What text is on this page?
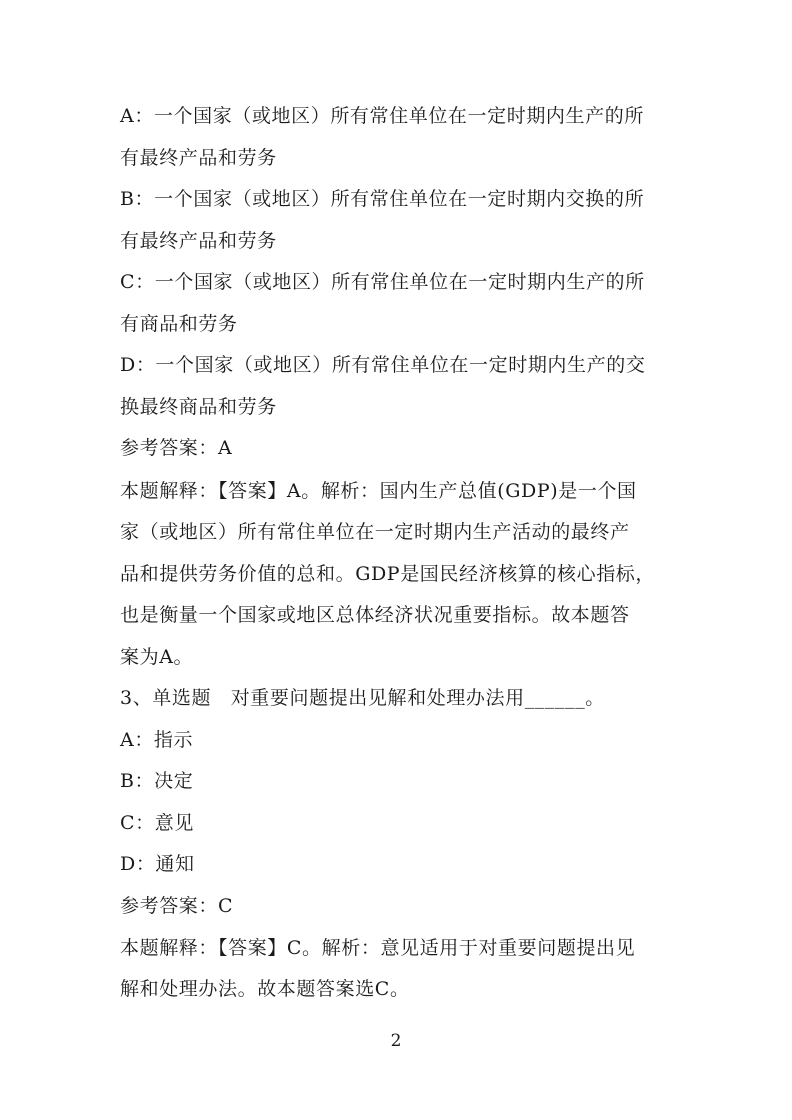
A：一个国家（或地区）所有常住单位在一定时期内生产的所
有最终产品和劳务
B：一个国家（或地区）所有常住单位在一定时期内交换的所
有最终产品和劳务
C：一个国家（或地区）所有常住单位在一定时期内生产的所
有商品和劳务
D：一个国家（或地区）所有常住单位在一定时期内生产的交
换最终商品和劳务
参考答案：A
本题解释：【答案】A。解析：国内生产总值(GDP)是一个国
家（或地区）所有常住单位在一定时期内生产活动的最终产
品和提供劳务价值的总和。GDP是国民经济核算的核心指标，
也是衡量一个国家或地区总体经济状况重要指标。故本题答
案为A。
3、单选题　对重要问题提出见解和处理办法用______。
A：指示
B：决定
C：意见
D：通知
参考答案：C
本题解释：【答案】C。解析：意见适用于对重要问题提出见
解和处理办法。故本题答案选C。
2
